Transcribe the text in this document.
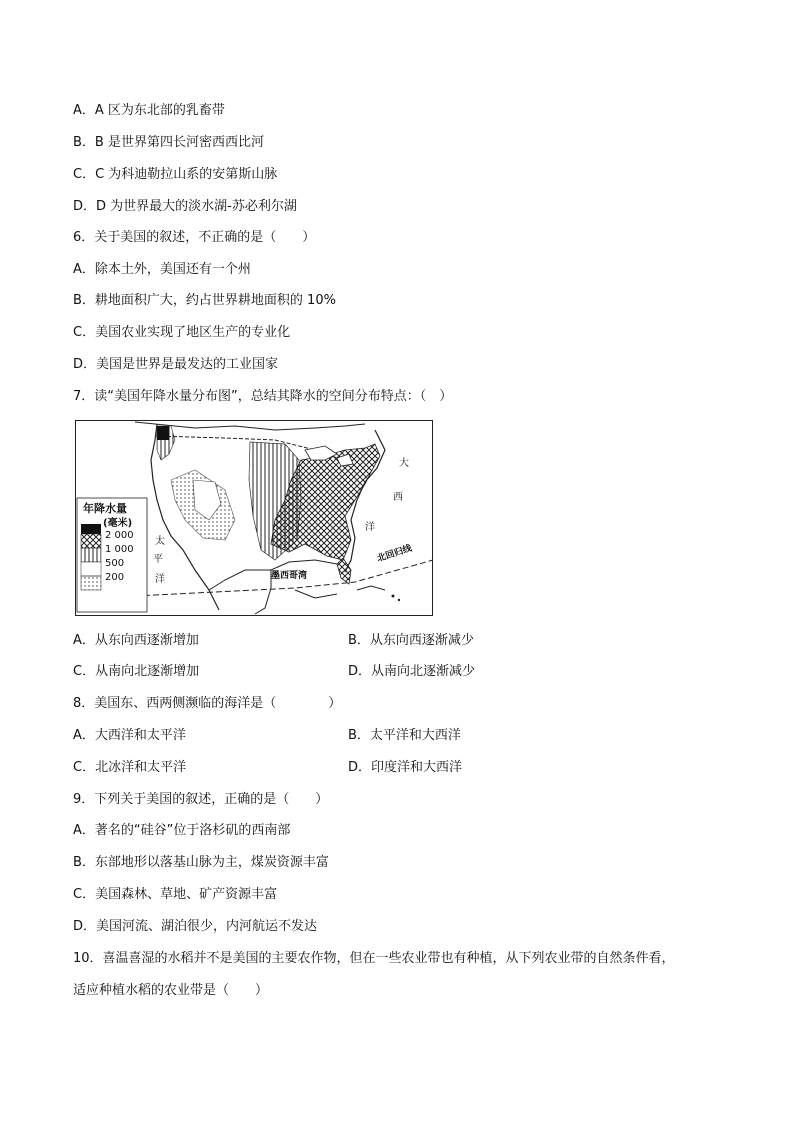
A．A 区为东北部的乳畜带
B．B 是世界第四长河密西西比河
C．C 为科迪勒拉山系的安第斯山脉
D．D 为世界最大的淡水湖-苏必利尔湖
6．关于美国的叙述，不正确的是（　　）
A．除本土外，美国还有一个州
B．耕地面积广大，约占世界耕地面积的 10%
C．美国农业实现了地区生产的专业化
D．美国是世界是最发达的工业国家
7．读“美国年降水量分布图”，总结其降水的空间分布特点：（　）
年降水量
(毫米)
2 000
1 000
500
200
大
西
洋
太
平
洋	墨西哥湾
北回归线
A．从东向西逐渐增加	B．从东向西逐渐减少
C．从南向北逐渐增加	D．从南向北逐渐减少
8．美国东、西两侧濒临的海洋是（　　　　）
A．大西洋和太平洋	B．太平洋和大西洋
C．北冰洋和太平洋	D．印度洋和大西洋
9．下列关于美国的叙述，正确的是（　　）
A．著名的“硅谷”位于洛杉矶的西南部
B．东部地形以落基山脉为主，煤炭资源丰富
C．美国森林、草地、矿产资源丰富
D．美国河流、湖泊很少，内河航运不发达
10．喜温喜湿的水稻并不是美国的主要农作物，但在一些农业带也有种植，从下列农业带的自然条件看，
适应种植水稻的农业带是（　　）
